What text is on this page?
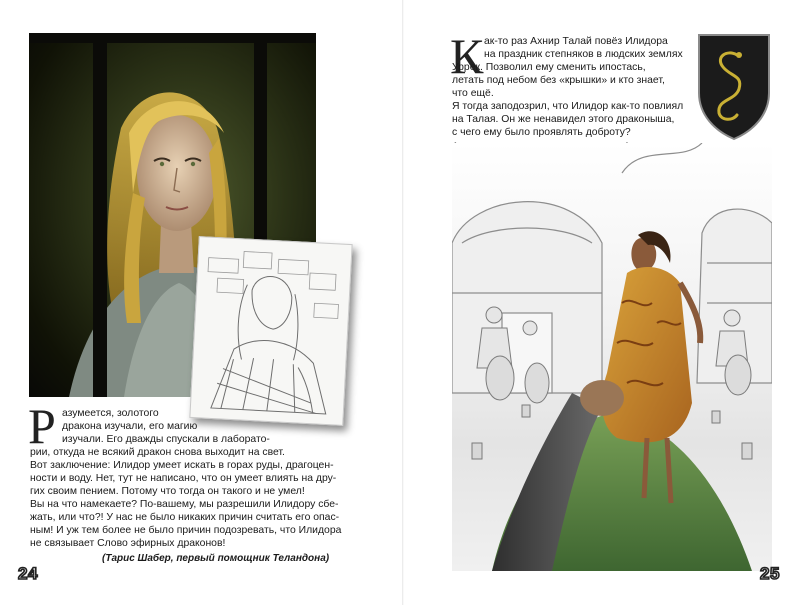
Р азумеется, золотого
дракона изучали, его магию
изучали. Его дважды спускали в лаборато-
рии, откуда не всякий дракон снова выходит на свет.
Вот заключение: Илидор умеет искать в горах руды, драгоцен-
ности и воду. Нет, тут не написано, что он умеет влиять на дру-
гих своим пением. Потому что тогда он такого и не умел!
Вы на что намекаете? По-вашему, мы разрешили Илидору сбе-
жать, или что?! У нас не было никаких причин считать его опас-
ным! И уж тем более не было причин подозревать, что Илидора
не связывает Слово эфирных драконов!
(Тарис Шабер, первый помощник Теландона)
24
К ак-то раз Ахнир Талай повёз Илидора
на праздник степняков в людских землях
Уррек. Позволил ему сменить ипостась,
летать под небом без «крышки» и кто знает,
что ещё.
Я тогда заподозрил, что Илидор как-то повлиял
на Талая. Он же ненавидел этого драконыша,
с чего ему было проявлять доброту?
25
